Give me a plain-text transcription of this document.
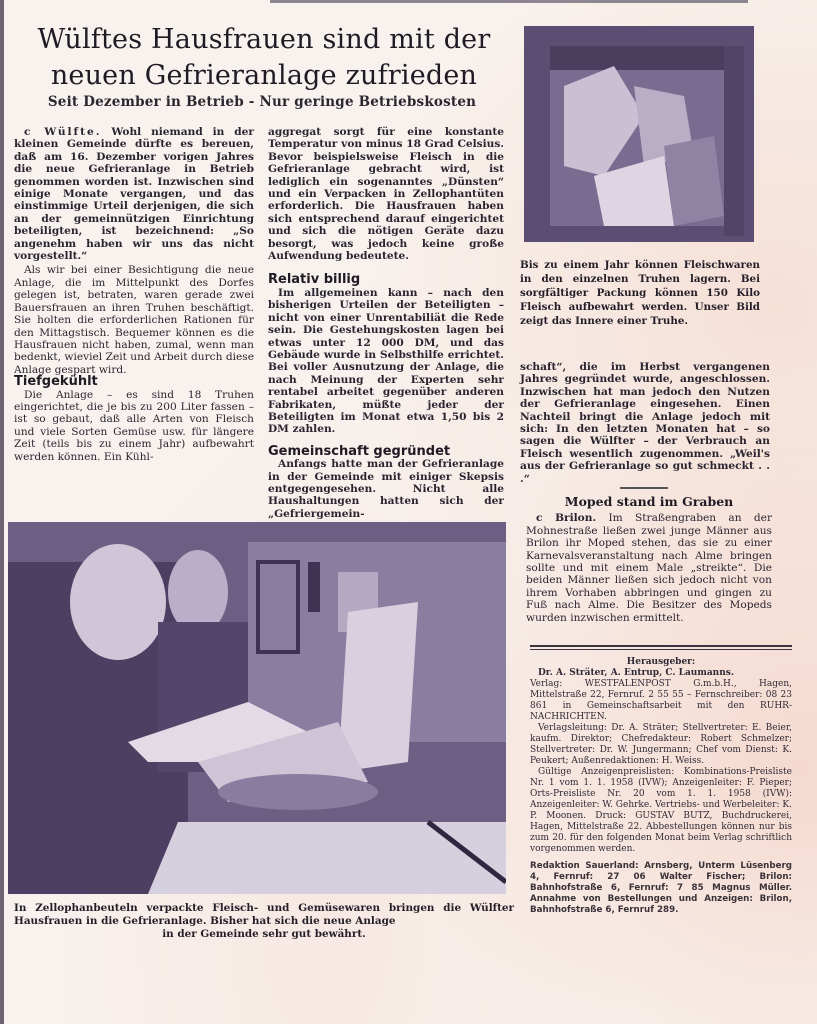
Wülftes Hausfrauen sind mit der
neuen Gefrieranlage zufrieden
Seit Dezember in Betrieb - Nur geringe Betriebskosten

c Wülfte. Wohl niemand in der kleinen Gemeinde dürfte es bereuen, daß am 16. Dezember vorigen Jahres die neue Gefrieranlage in Betrieb genommen worden ist. Inzwischen sind einige Monate vergangen, und das einstimmige Urteil derjenigen, die sich an der gemeinnützigen Einrichtung beteiligten, ist bezeichnend: „So angenehm haben wir uns das nicht vorgestellt.“

Als wir bei einer Besichtigung die neue Anlage, die im Mittelpunkt des Dorfes gelegen ist, betraten, waren gerade zwei Bauersfrauen an ihren Truhen beschäftigt. Sie holten die erforderlichen Rationen für den Mittagstisch. Bequemer können es die Hausfrauen nicht haben, zumal, wenn man bedenkt, wieviel Zeit und Arbeit durch diese Anlage gespart wird.

Tiefgekühlt

Die Anlage – es sind 18 Truhen eingerichtet, die je bis zu 200 Liter fassen – ist so gebaut, daß alle Arten von Fleisch und viele Sorten Gemüse usw. für längere Zeit (teils bis zu einem Jahr) aufbewahrt werden können. Ein Kühl-

aggregat sorgt für eine konstante Temperatur von minus 18 Grad Celsius. Bevor beispielsweise Fleisch in die Gefrieranlage gebracht wird, ist lediglich ein sogenanntes „Dünsten“ und ein Verpacken in Zellophantüten erforderlich. Die Hausfrauen haben sich entsprechend darauf eingerichtet und sich die nötigen Geräte dazu besorgt, was jedoch keine große Aufwendung bedeutete.

Relativ billig

Im allgemeinen kann – nach den bisherigen Urteilen der Beteiligten – nicht von einer Unrentabiliät die Rede sein. Die Gestehungskosten lagen bei etwas unter 12 000 DM, und das Gebäude wurde in Selbsthilfe errichtet. Bei voller Ausnutzung der Anlage, die nach Meinung der Experten sehr rentabel arbeitet gegenüber anderen Fabrikaten, müßte jeder der Beteiligten im Monat etwa 1,50 bis 2 DM zahlen.

Gemeinschaft gegründet

Anfangs hatte man der Gefrieranlage in der Gemeinde mit einiger Skepsis entgegengesehen. Nicht alle Haushaltungen hatten sich der „Gefriergemein-

Bis zu einem Jahr können Fleischwaren in den einzelnen Truhen lagern. Bei sorgfältiger Packung können 150 Kilo Fleisch aufbewahrt werden. Unser Bild zeigt das Innere einer Truhe.

schaft“, die im Herbst vergangenen Jahres gegründet wurde, angeschlossen. Inzwischen hat man jedoch den Nutzen der Gefrieranlage eingesehen. Einen Nachteil bringt die Anlage jedoch mit sich: In den letzten Monaten hat – so sagen die Wülfter – der Verbrauch an Fleisch wesentlich zugenommen. „Weil's aus der Gefrieranlage so gut schmeckt . . .“

Moped stand im Graben

c Brilon. Im Straßengraben an der Mohnestraße ließen zwei junge Männer aus Brilon ihr Moped stehen, das sie zu einer Karnevalsveranstaltung nach Alme bringen sollte und mit einem Male „streikte“. Die beiden Männer ließen sich jedoch nicht von ihrem Vorhaben abbringen und gingen zu Fuß nach Alme. Die Besitzer des Mopeds wurden inzwischen ermittelt.

Herausgeber:

Dr. A. Sträter, A. Entrup, C. Laumanns.

Verlag: WESTFALENPOST G.m.b.H., Hagen, Mittelstraße 22, Fernruf. 2 55 55 – Fernschreiber: 08 23 861 in Gemeinschaftsarbeit mit den RUHR-NACHRICHTEN.

Verlagsleitung: Dr. A. Sträter; Stellvertreter: E. Beier, kaufm. Direktor; Chefredakteur: Robert Schmelzer; Stellvertreter: Dr. W. Jungermann; Chef vom Dienst: K. Peukert; Außenredaktionen: H. Weiss.

Gültige Anzeigenpreislisten: Kombinations-Preisliste Nr. 1 vom 1. 1. 1958 (IVW); Anzeigenleiter: F. Pieper; Orts-Preisliste Nr. 20 vom 1. 1. 1958 (IVW): Anzeigenleiter: W. Gehrke. Vertriebs- und Werbeleiter: K. P. Moonen. Druck: GUSTAV BUTZ, Buchdruckerei, Hagen, Mittelstraße 22. Abbestellungen können nur bis zum 20. für den folgenden Monat beim Verlag schriftlich vorgenommen werden.

Redaktion Sauerland: Arnsberg, Unterm Lüsenberg 4, Fernruf: 27 06 Walter Fischer; Brilon: Bahnhofstraße 6, Fernruf: 7 85 Magnus Müller. Annahme von Bestellungen und Anzeigen: Brilon, Bahnhofstraße 6, Fernruf 289.

In Zellophanbeuteln verpackte Fleisch- und Gemüsewaren bringen die Wülfter Hausfrauen in die Gefrieranlage. Bisher hat sich die neue Anlage
in der Gemeinde sehr gut bewährt.
